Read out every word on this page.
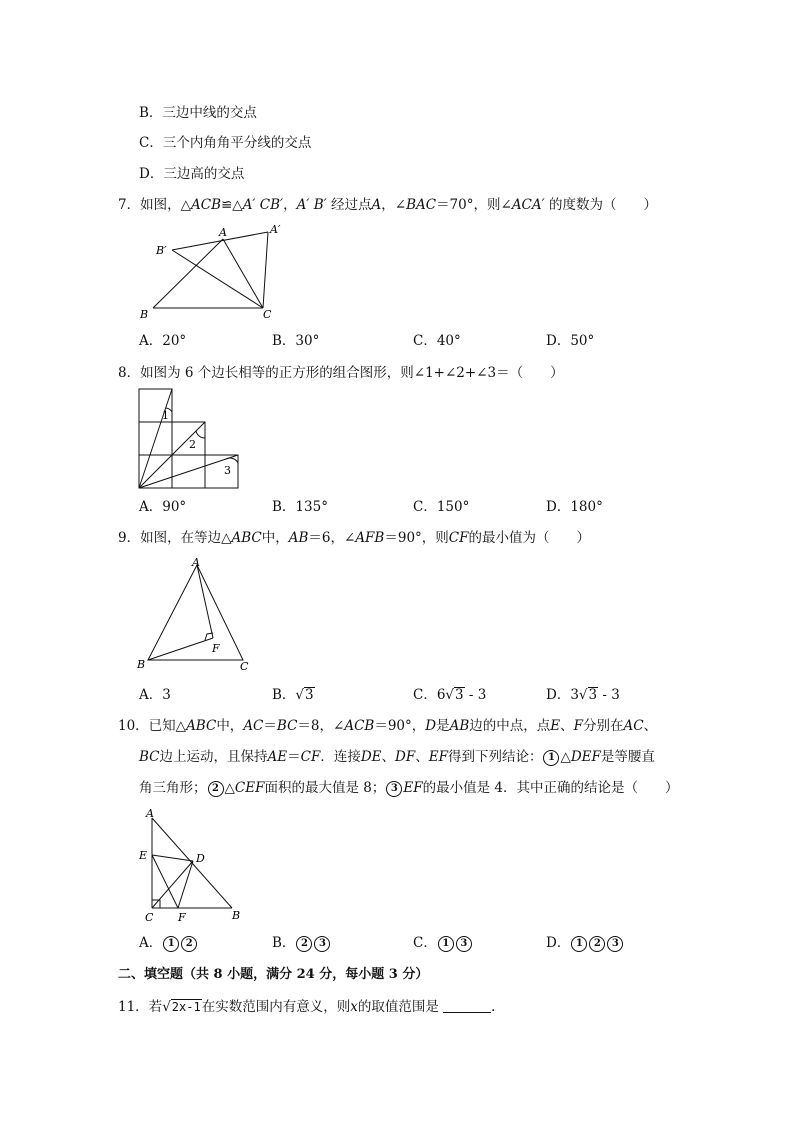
B．三边中线的交点
C．三个内角角平分线的交点
D．三边高的交点
7．如图，△ACB≌△A′ CB′，A′ B′ 经过点A，∠BAC＝70°，则∠ACA′ 的度数为（　　）
A	A′
B′
B	C
A．20°	B．30°	C．40°	D．50°
8．如图为 6 个边长相等的正方形的组合图形，则∠1+∠2+∠3＝（　　）
1
2
3
A．90°	B．135°	C．150°	D．180°
9．如图，在等边△ABC中，AB＝6，∠AFB＝90°，则CF的最小值为（　　）
A
B	C
F
A．3	B．√3	C．6√3 - 3	D．3√3 - 3
10．已知△ABC中，AC＝BC＝8，∠ACB＝90°，D是AB边的中点，点E、F分别在AC、
BC边上运动，且保持AE＝CF．连接DE、DF、EF得到下列结论： 1 △DEF是等腰直
角三角形； 2 △CEF面积的最大值是 8； 3 EF的最小值是 4．其中正确的结论是（　　）
A
E	D
C F	B
A． 1 2	B． 2 3	C． 1 3	D． 1 2 3
二、填空题（共 8 小题，满分 24 分，每小题 3 分）
11．若√2x-1在实数范围内有意义，则x的取值范围是	．
